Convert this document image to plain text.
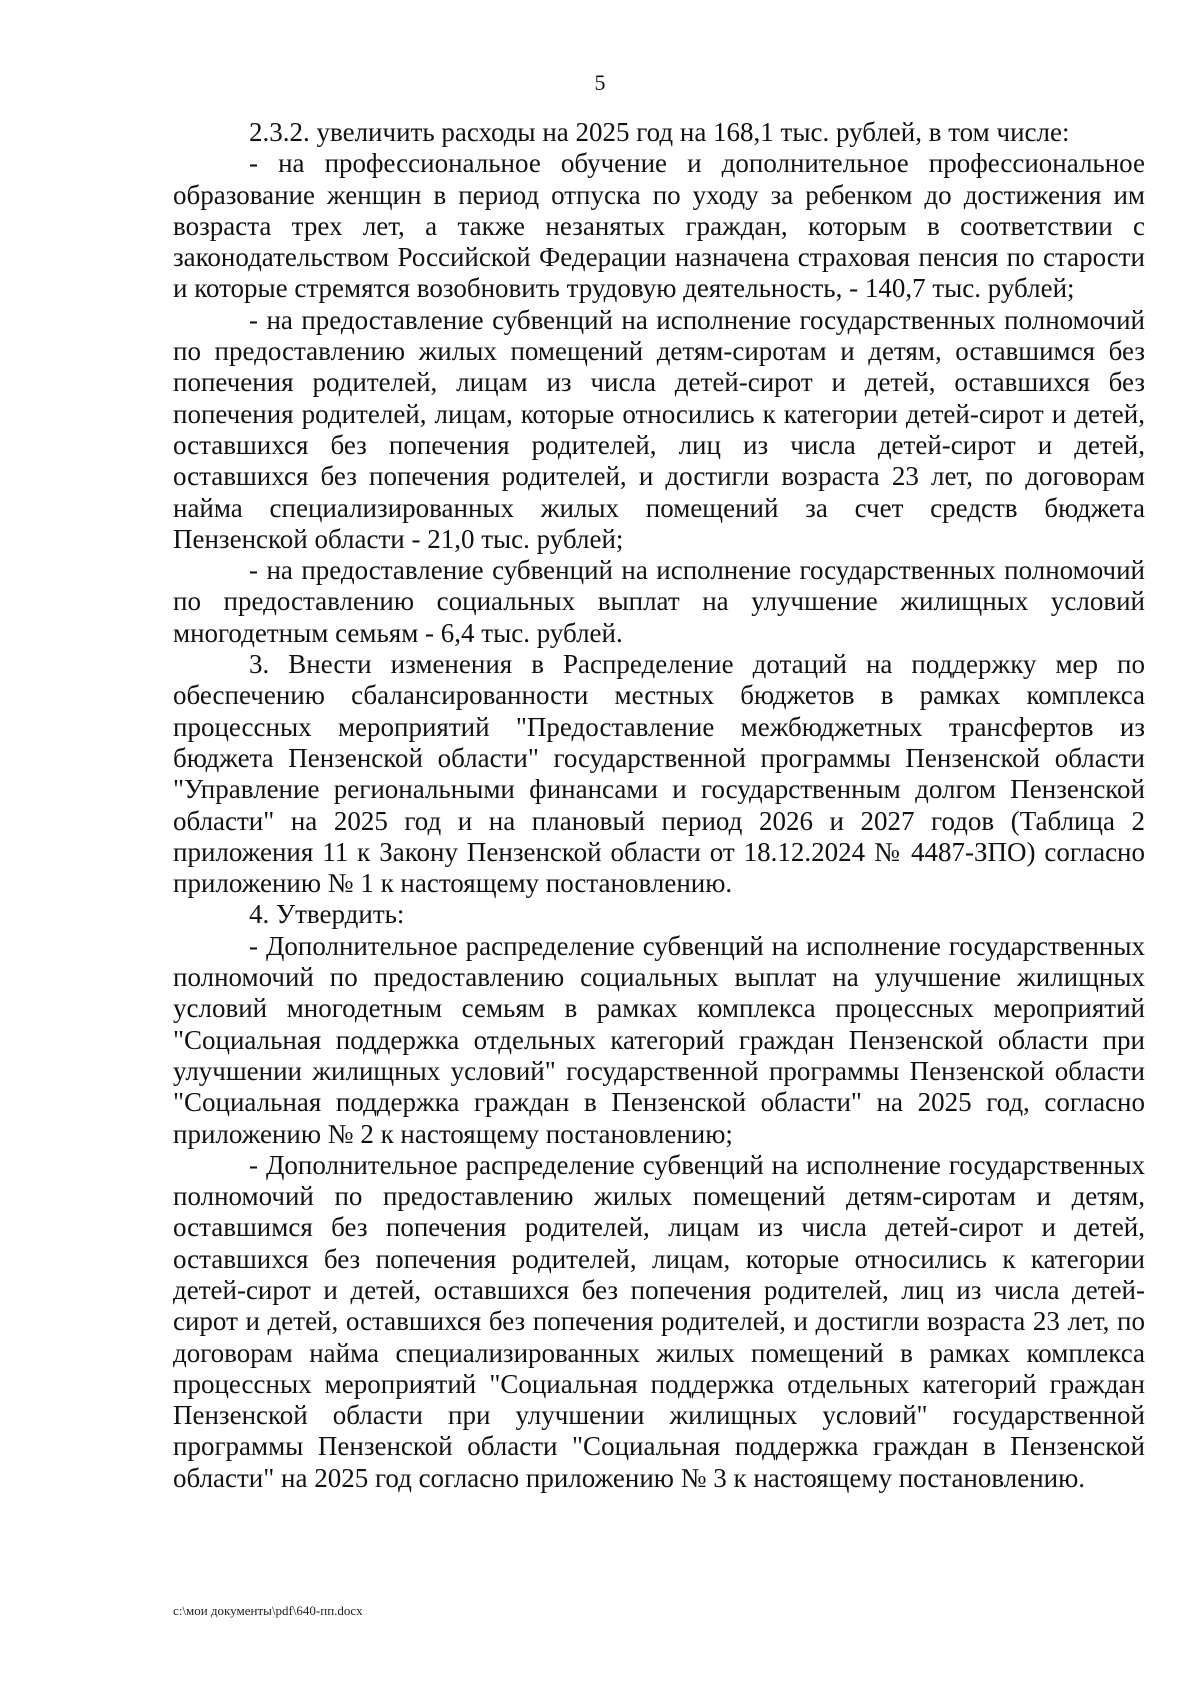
5

2.3.2. увеличить расходы на 2025 год на 168,1 тыс. рублей, в том числе:

- на профессиональное обучение и дополнительное профессиональное образование женщин в период отпуска по уходу за ребенком до достижения им возраста трех лет, а также незанятых граждан, которым в соответствии с законодательством Российской Федерации назначена страховая пенсия по старости и которые стремятся возобновить трудовую деятельность, - 140,7 тыс. рублей;

- на предоставление субвенций на исполнение государственных полномочий по предоставлению жилых помещений детям-сиротам и детям, оставшимся без попечения родителей, лицам из числа детей-сирот и детей, оставшихся без попечения родителей, лицам, которые относились к категории детей-сирот и детей, оставшихся без попечения родителей, лиц из числа детей-сирот и детей, оставшихся без попечения родителей, и достигли возраста 23 лет, по договорам найма специализированных жилых помещений за счет средств бюджета Пензенской области - 21,0 тыс. рублей;

- на предоставление субвенций на исполнение государственных полномочий по предоставлению социальных выплат на улучшение жилищных условий многодетным семьям - 6,4 тыс. рублей.

3. Внести изменения в Распределение дотаций на поддержку мер по обеспечению сбалансированности местных бюджетов в рамках комплекса процессных мероприятий "Предоставление межбюджетных трансфертов из бюджета Пензенской области" государственной программы Пензенской области "Управление региональными финансами и государственным долгом Пензенской области" на 2025 год и на плановый период 2026 и 2027 годов (Таблица 2 приложения 11 к Закону Пензенской области от 18.12.2024 № 4487-ЗПО) согласно приложению № 1 к настоящему постановлению.

4. Утвердить:

- Дополнительное распределение субвенций на исполнение государственных полномочий по предоставлению социальных выплат на улучшение жилищных условий многодетным семьям в рамках комплекса процессных мероприятий "Социальная поддержка отдельных категорий граждан Пензенской области при улучшении жилищных условий" государственной программы Пензенской области "Социальная поддержка граждан в Пензенской области" на 2025 год, согласно приложению № 2 к настоящему постановлению;

- Дополнительное распределение субвенций на исполнение государственных полномочий по предоставлению жилых помещений детям-сиротам и детям, оставшимся без попечения родителей, лицам из числа детей-сирот и детей, оставшихся без попечения родителей, лицам, которые относились к категории детей-сирот и детей, оставшихся без попечения родителей, лиц из числа детей-сирот и детей, оставшихся без попечения родителей, и достигли возраста 23 лет, по договорам найма специализированных жилых помещений в рамках комплекса процессных мероприятий "Социальная поддержка отдельных категорий граждан Пензенской области при улучшении жилищных условий" государственной программы Пензенской области "Социальная поддержка граждан в Пензенской области" на 2025 год согласно приложению № 3 к настоящему постановлению.

c:\мои документы\pdf\640-пп.docx
